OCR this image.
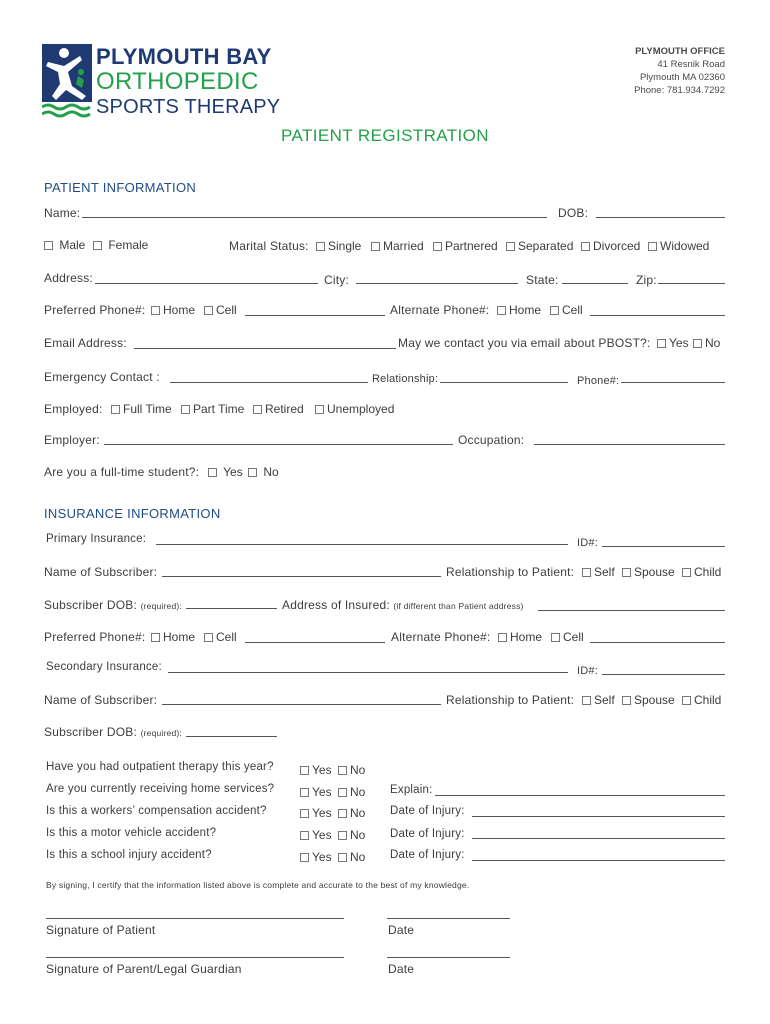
PLYMOUTH BAY
ORTHOPEDIC
SPORTS THERAPY
PLYMOUTH OFFICE
41 Resnik Road
Plymouth MA 02360
Phone: 781.934.7292
PATIENT REGISTRATION
PATIENT INFORMATION
Name:	DOB:
Male	Female	Marital Status:	Single	Married	Partnered	Separated	Divorced	Widowed
Address:	City:	State:	Zip:
Preferred Phone#:	Home	Cell	Alternate Phone#:	Home	Cell
Email Address:	May we contact you via email about PBOST?:	Yes	No
Emergency Contact :	Relationship:	Phone#:
Employed:	Full Time	Part Time	Retired	Unemployed
Employer:	Occupation:
Are you a full-time student?:	Yes	No
INSURANCE INFORMATION
Primary Insurance:	ID#:
Name of Subscriber:	Relationship to Patient:	Self	Spouse	Child
Subscriber DOB: (required):	Address of Insured: (if different than Patient address)
Preferred Phone#:	Home	Cell	Alternate Phone#:	Home	Cell
Secondary Insurance:	ID#:
Name of Subscriber:	Relationship to Patient:	Self	Spouse	Child
Subscriber DOB: (required):
Have you had outpatient therapy this year?	Yes	No
Are you currently receiving home services?	Yes	No Explain:
Is this a workers’ compensation accident?	Yes	No Date of Injury:
Is this a motor vehicle accident?	Yes	No Date of Injury:
Is this a school injury accident?	Yes	No Date of Injury:
By signing, I certify that the information listed above is complete and accurate to the best of my knowledge.
Signature of Patient	Date
Signature of Parent/Legal Guardian	Date
